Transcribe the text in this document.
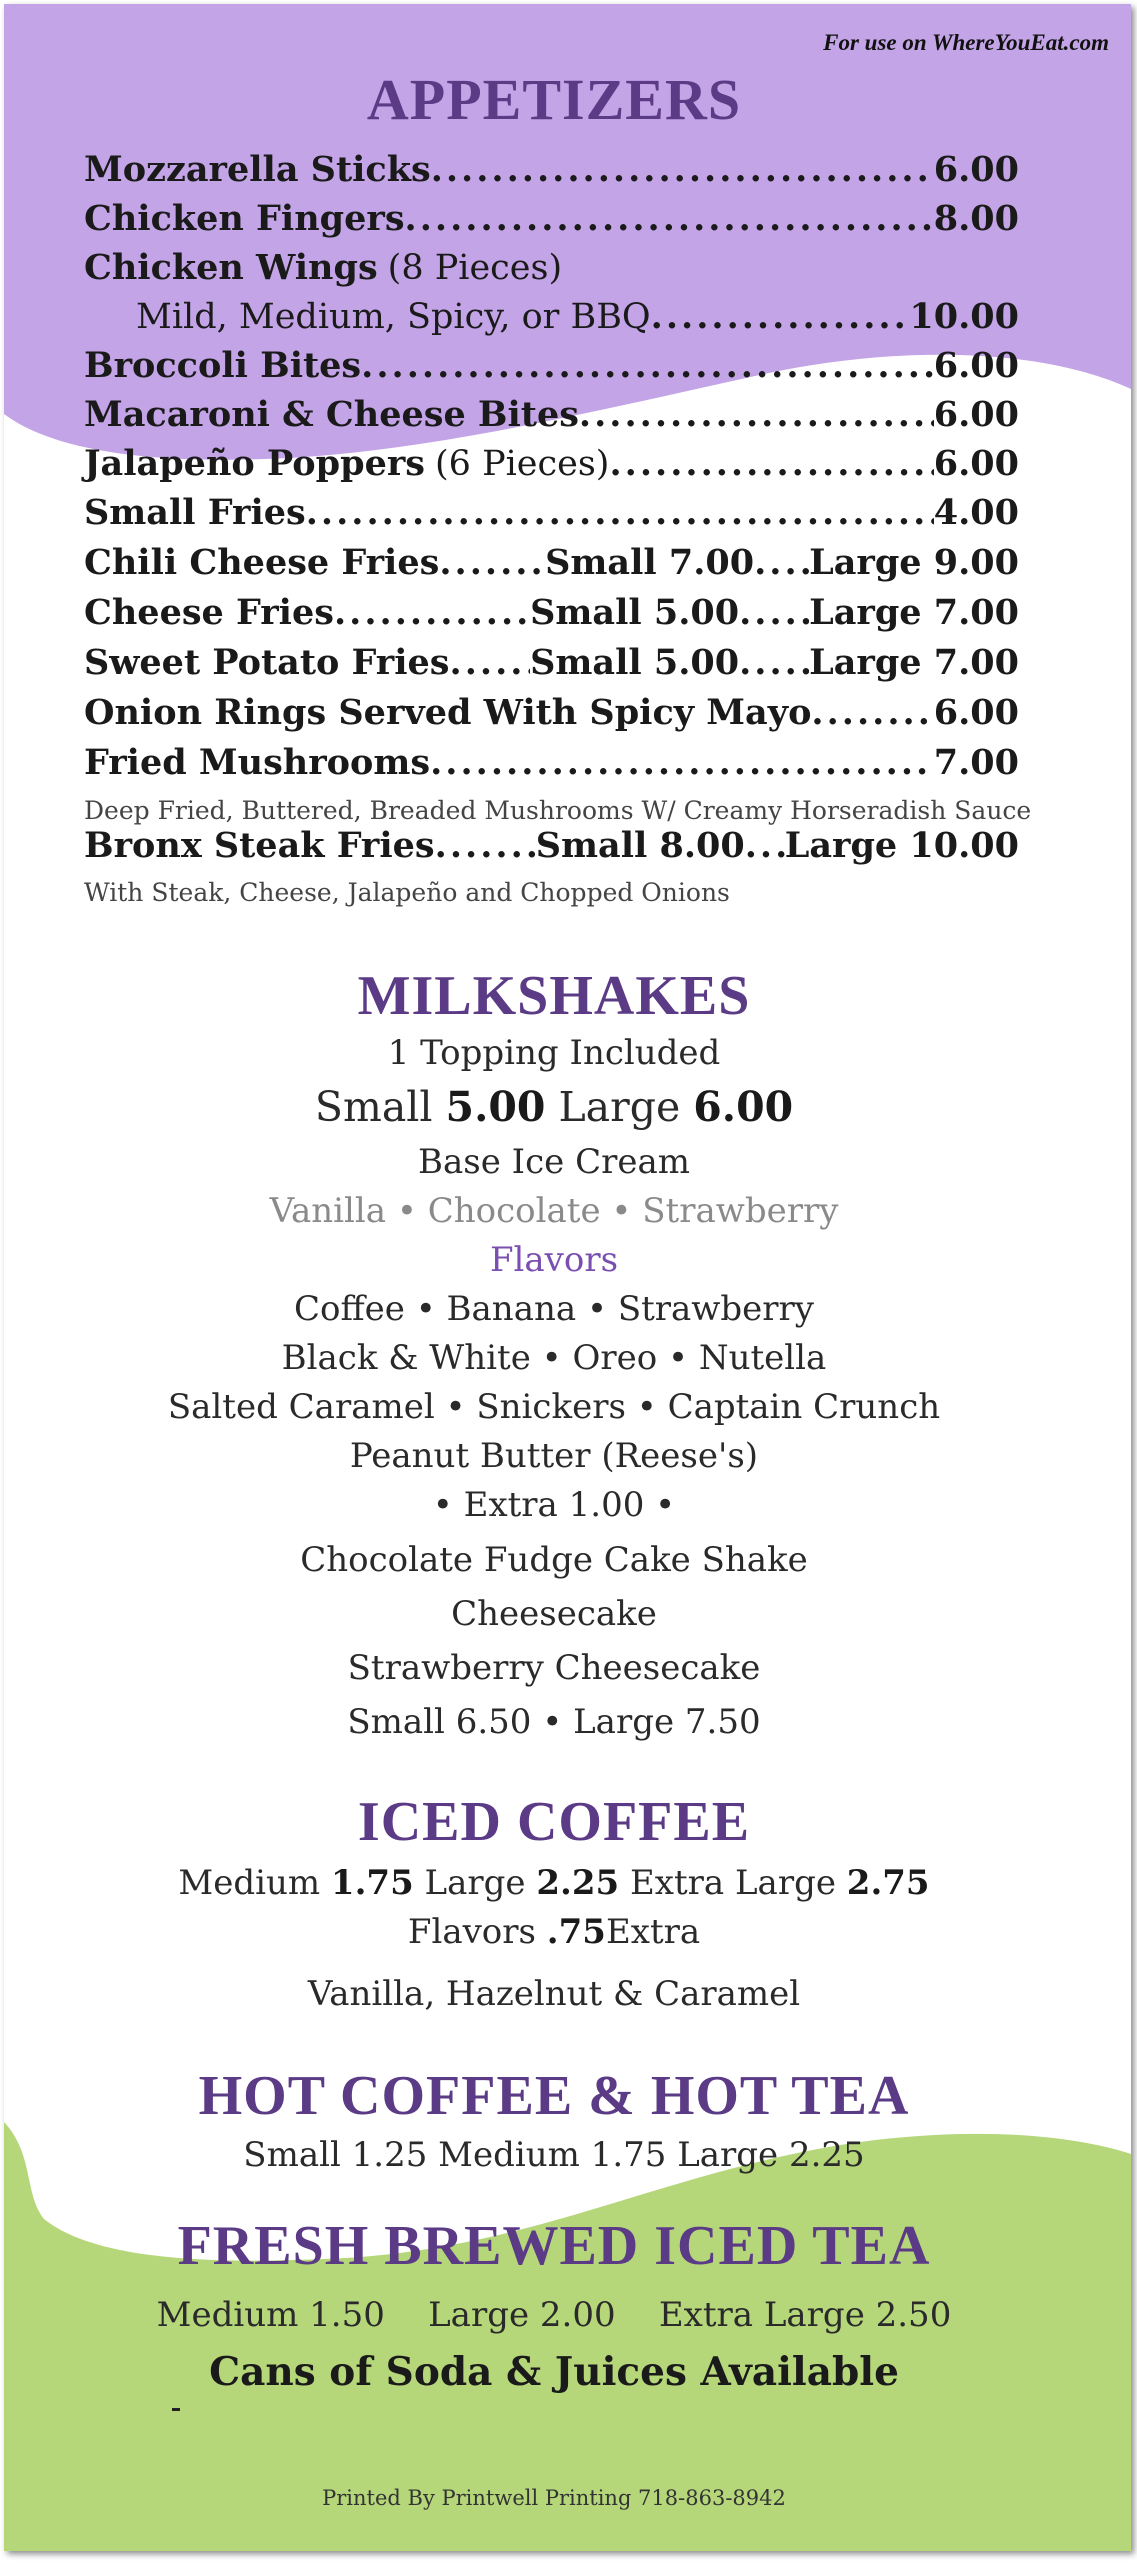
For use on WhereYouEat.com
APPETIZERS
Mozzarella Sticks .....	6.00
Chicken Fingers .....	8.00
Chicken Wings (8 Pieces)
Mild, Medium, Spicy, or BBQ .....	10.00
Broccoli Bites .....	6.00
Macaroni & Cheese Bites .....	6.00
Jalapeño Poppers (6 Pieces) .....	6.00
Small Fries .....	4.00
Chili Cheese Fries .....	Small 7.00 ..... Large 9.00
Cheese Fries .....	Small 5.00 ..... Large 7.00
Sweet Potato Fries ..... Small 5.00 ..... Large 7.00
Onion Rings Served With Spicy Mayo .....	6.00
Fried Mushrooms .....	7.00
Deep Fried, Buttered, Breaded Mushrooms W/ Creamy Horseradish Sauce
Bronx Steak Fries .....	Small 8.00 ..... Large 10.00
With Steak, Cheese, Jalapeño and Chopped Onions
MILKSHAKES
1 Topping Included
Small 5.00 Large 6.00
Base Ice Cream
Vanilla • Chocolate • Strawberry
Flavors
Coffee • Banana • Strawberry
Black & White • Oreo • Nutella
Salted Caramel • Snickers • Captain Crunch
Peanut Butter (Reese's)
• Extra 1.00 •
Chocolate Fudge Cake Shake
Cheesecake
Strawberry Cheesecake
Small 6.50 • Large 7.50
ICED COFFEE
Medium 1.75 Large 2.25 Extra Large 2.75
Flavors .75Extra
Vanilla, Hazelnut & Caramel
HOT COFFEE & HOT TEA
Small 1.25 Medium 1.75 Large 2.25
FRESH BREWED ICED TEA
Medium 1.50    Large 2.00    Extra Large 2.50
Cans of Soda & Juices Available
Printed By Printwell Printing 718-863-8942
